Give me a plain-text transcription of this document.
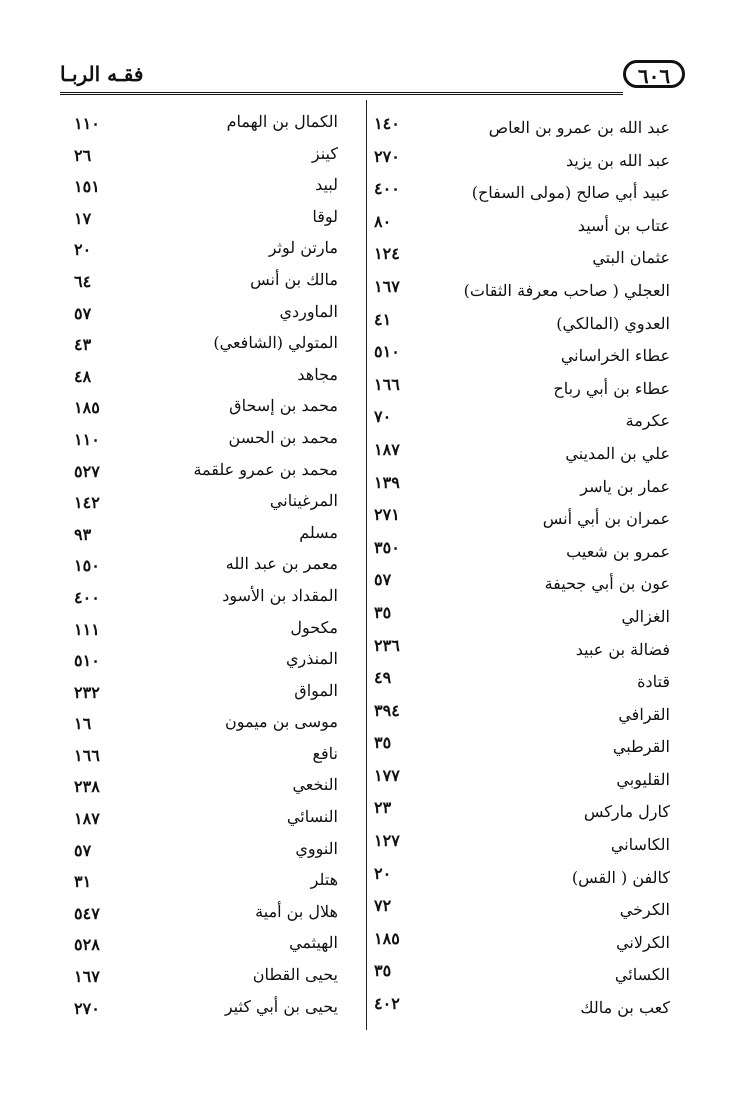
٦٠٦
فقـه الربـا
عبد الله بن عمرو بن العاص
١٤٠
عبد الله بن يزيد
٢٧٠
عبيد أبي صالح (مولى السفاح)
٤٠٠
عتاب بن أسيد
٨٠
عثمان البتي
١٢٤
العجلي ( صاحب معرفة الثقات)
١٦٧
العدوي (المالكي)
٤١
عطاء الخراساني
٥١٠
عطاء بن أبي رباح
١٦٦
عكرمة
٧٠
علي بن المديني
١٨٧
عمار بن ياسر
١٣٩
عمران بن أبي أنس
٢٧١
عمرو بن شعيب
٣٥٠
عون بن أبي جحيفة
٥٧
الغزالي
٣٥
فضالة بن عبيد
٢٣٦
قتادة
٤٩
القرافي
٣٩٤
القرطبي
٣٥
القليوبي
١٧٧
كارل ماركس
٢٣
الكاساني
١٢٧
كالفن ( القس)
٢٠
الكرخي
٧٢
الكرلاني
١٨٥
الكسائي
٣٥
كعب بن مالك
٤٠٢
الكمال بن الهمام
١١٠
كينز
٢٦
لبيد
١٥١
لوقا
١٧
مارتن لوثر
٢٠
مالك بن أنس
٦٤
الماوردي
٥٧
المتولي (الشافعي)
٤٣
مجاهد
٤٨
محمد بن إسحاق
١٨٥
محمد بن الحسن
١١٠
محمد بن عمرو علقمة
٥٢٧
المرغيناني
١٤٢
مسلم
٩٣
معمر بن عبد الله
١٥٠
المقداد بن الأسود
٤٠٠
مكحول
١١١
المنذري
٥١٠
المواق
٢٣٢
موسى بن ميمون
١٦
نافع
١٦٦
النخعي
٢٣٨
النسائي
١٨٧
النووي
٥٧
هتلر
٣١
هلال بن أمية
٥٤٧
الهيثمي
٥٢٨
يحيى القطان
١٦٧
يحيى بن أبي كثير
٢٧٠
